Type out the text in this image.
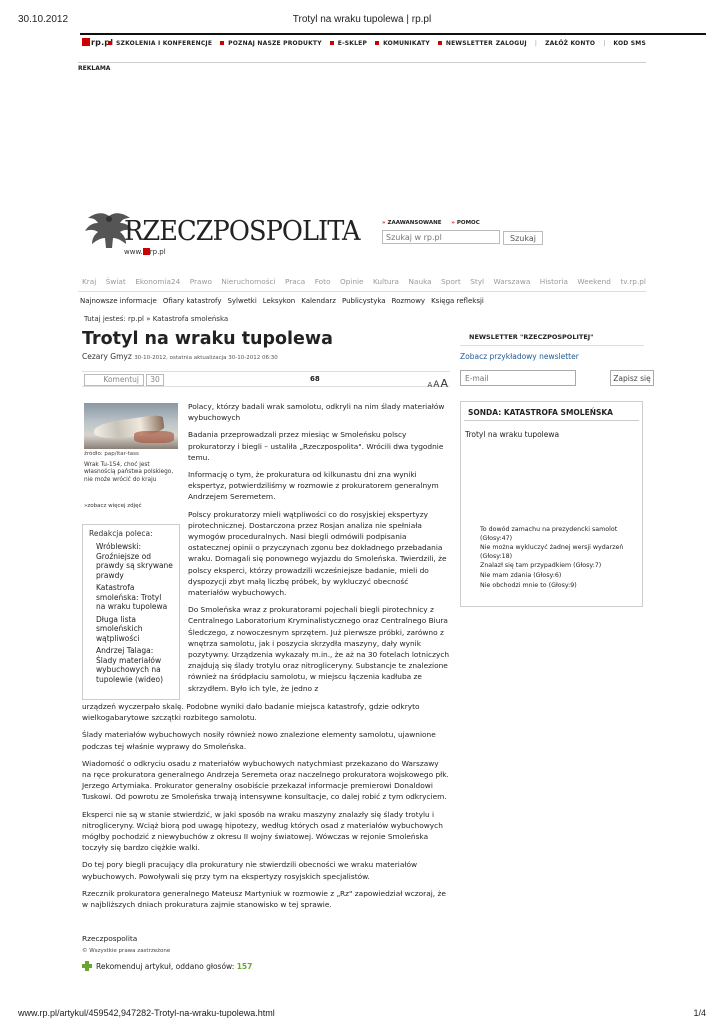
30.10.2012	Trotyl na wraku tupolewa | rp.pl
rp.pl SZKOLENIA I KONFERENCJE	POZNAJ NASZE PRODUKTY	E-SKLEP	KOMUNIKATY	NEWSLETTER ZALOGUJ	| ZAŁÓŻ KONTO	| KOD SMS
REKLAMA
RZECZPOSPOLITA
www. rp.pl
» ZAAWANSOWANE	» POMOC
Szukaj w rp.pl
Szukaj
Kraj Świat Ekonomia24 Prawo Nieruchomości Praca Foto Opinie Kultura Nauka Sport Styl Warszawa Historia Weekend tv.rp.pl
Najnowsze informacje Ofiary katastrofy Sylwetki Leksykon Kalendarz Publicystyka Rozmowy Księga refleksji
Tutaj jesteś: rp.pl » Katastrofa smoleńska
Trotyl na wraku tupolewa
Cezary Gmyz 30-10-2012, ostatnia aktualizacja 30-10-2012 06:30
Komentuj	30	68
AAA
źródło: pap/itar-tass
Wrak Tu-154, choć jest własnością państwa polskiego, nie może wrócić do kraju
»zobacz więcej zdjęć
Redakcja poleca:
Wróblewski: Groźniejsze od prawdy są skrywane prawdy
Katastrofa smoleńska: Trotyl na wraku tupolewa
Długa lista smoleńskich wątpliwości
Andrzej Talaga: Ślady materiałów wybuchowych na tupolewie (wideo)

Polacy, którzy badali wrak samolotu, odkryli na nim ślady materiałów wybuchowych

Badania przeprowadzali przez miesiąc w Smoleńsku polscy prokuratorzy i biegli – ustaliła „Rzeczpospolita". Wrócili dwa tygodnie temu.

Informację o tym, że prokuratura od kilkunastu dni zna wyniki ekspertyz, potwierdziliśmy w rozmowie z prokuratorem generalnym Andrzejem Seremetem.

Polscy prokuratorzy mieli wątpliwości co do rosyjskiej ekspertyzy pirotechnicznej. Dostarczona przez Rosjan analiza nie spełniała wymogów proceduralnych. Nasi biegli odmówili podpisania ostatecznej opinii o przyczynach zgonu bez dokładnego przebadania wraku. Domagali się ponownego wyjazdu do Smoleńska. Twierdzili, że polscy eksperci, którzy prowadzili wcześniejsze badanie, mieli do dyspozycji zbyt małą liczbę próbek, by wykluczyć obecność materiałów wybuchowych.

Do Smoleńska wraz z prokuratorami pojechali biegli pirotechnicy z Centralnego Laboratorium Kryminalistycznego oraz Centralnego Biura Śledczego, z nowoczesnym sprzętem. Już pierwsze próbki, zarówno z wnętrza samolotu, jak i poszycia skrzydła maszyny, dały wynik pozytywny. Urządzenia wykazały m.in., że aż na 30 fotelach lotniczych znajdują się ślady trotylu oraz nitrogliceryny. Substancje te znalezione również na śródpłaciu samolotu, w miejscu łączenia kadłuba ze skrzydłem. Było ich tyle, że jedno z

urządzeń wyczerpało skalę. Podobne wyniki dało badanie miejsca katastrofy, gdzie odkryto wielkogabarytowe szczątki rozbitego samolotu.

Ślady materiałów wybuchowych nosiły również nowo znalezione elementy samolotu, ujawnione podczas tej właśnie wyprawy do Smoleńska.

Wiadomość o odkryciu osadu z materiałów wybuchowych natychmiast przekazano do Warszawy na ręce prokuratora generalnego Andrzeja Seremeta oraz naczelnego prokuratora wojskowego płk. Jerzego Artymiaka. Prokurator generalny osobiście przekazał informacje premierowi Donaldowi Tuskowi. Od powrotu ze Smoleńska trwają intensywne konsultacje, co dalej robić z tym odkryciem.

Eksperci nie są w stanie stwierdzić, w jaki sposób na wraku maszyny znalazły się ślady trotylu i nitrogliceryny. Wciąż biorą pod uwagę hipotezy, według których osad z materiałów wybuchowych mógłby pochodzić z niewybuchów z okresu II wojny światowej. Wówczas w rejonie Smoleńska toczyły się bardzo ciężkie walki.

Do tej pory biegli pracujący dla prokuratury nie stwierdzili obecności we wraku materiałów wybuchowych. Powoływali się przy tym na ekspertyzy rosyjskich specjalistów.

Rzecznik prokuratora generalnego Mateusz Martyniuk w rozmowie z „Rz" zapowiedział wczoraj, że w najbliższych dniach prokuratura zajmie stanowisko w tej sprawie.

Rzeczpospolita
© Wszystkie prawa zastrzeżone
Rekomenduj artykuł, oddano głosów: 157
NEWSLETTER "RZECZPOSPOLITEJ"
Zobacz przykładowy newsletter
E-mail
Zapisz się
SONDA: KATASTROFA SMOLEŃSKA
Trotyl na wraku tupolewa
To dowód zamachu na prezydencki samolot (Głosy:47)
Nie można wykluczyć żadnej wersji wydarzeń (Głosy:18)
Znalazł się tam przypadkiem (Głosy:7)
Nie mam zdania (Głosy:6)
Nie obchodzi mnie to (Głosy:9)
www.rp.pl/artykul/459542,947282-Trotyl-na-wraku-tupolewa.html	1/4
